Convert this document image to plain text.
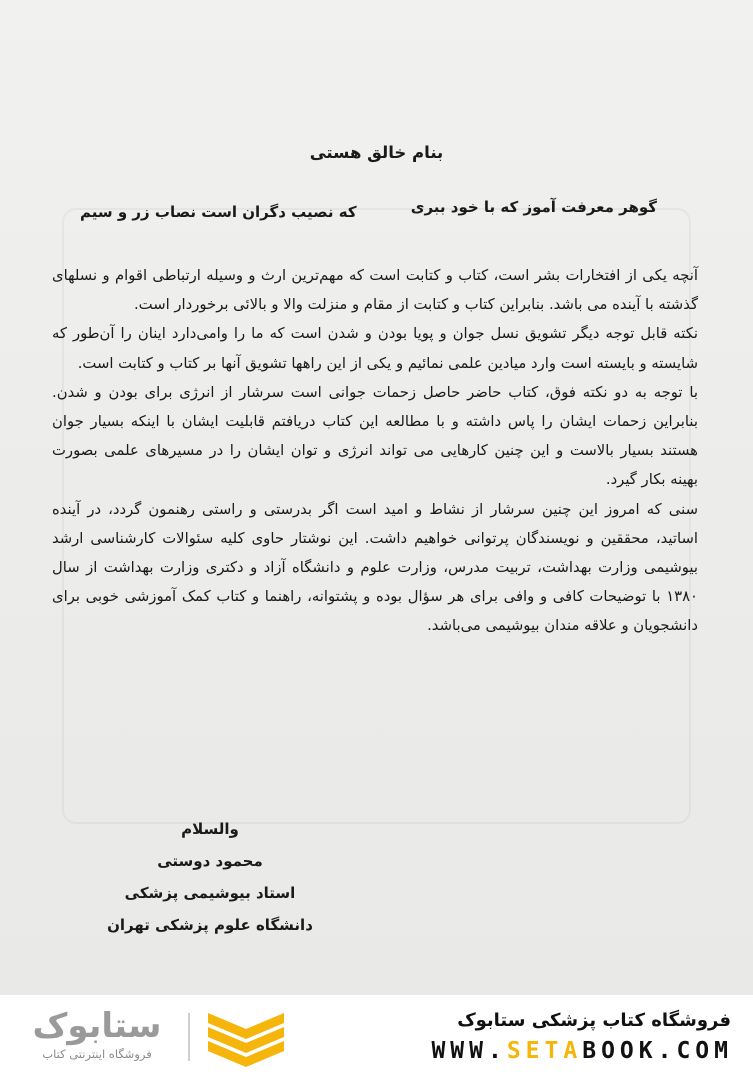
بنام خالق هستی
گوهر معرفت آموز که با خود ببری
که نصیب دگران است نصاب زر و سیم

آنچه یکی از افتخارات بشر است، کتاب و کتابت است که مهم‌ترین ارث و وسیله ارتباطی اقوام و نسلهای گذشته با آینده می باشد. بنابراین کتاب و کتابت از مقام و منزلت والا و بالائی برخوردار است.

نکته قابل توجه دیگر تشویق نسل جوان و پویا بودن و شدن است که ما را وامی‌دارد اینان را آن‌طور که شایسته و بایسته است وارد میادین علمی نمائیم و یکی از این راهها تشویق آنها بر کتاب و کتابت است.

با توجه به دو نکته فوق، کتاب حاضر حاصل زحمات جوانی است سرشار از انرژی برای بودن و شدن. بنابراین زحمات ایشان را پاس داشته و با مطالعه این کتاب دریافتم قابلیت ایشان با اینکه بسیار جوان هستند بسیار بالاست و این چنین کارهایی می تواند انرژی و توان ایشان را در مسیرهای علمی بصورت بهینه بکار گیرد.

سنی که امروز این چنین سرشار از نشاط و امید است اگر بدرستی و راستی رهنمون گردد، در آینده اساتید، محققین و نویسندگان پرتوانی خواهیم داشت. این نوشتار حاوی کلیه سئوالات کارشناسی ارشد بیوشیمی وزارت بهداشت، تربیت مدرس، وزارت علوم و دانشگاه آزاد و دکتری وزارت بهداشت از سال ۱۳۸۰ با توضیحات کافی و وافی برای هر سؤال بوده و پشتوانه، راهنما و کتاب کمک آموزشی خوبی برای دانشجویان و علاقه مندان بیوشیمی می‌باشد.

والسلام
محمود دوستی
استاد بیوشیمی پزشکی
دانشگاه علوم پزشکی تهران
ستابوک
فروشگاه اینترنتی کتاب
فروشگاه کتاب پزشکی ستابوک
WWW.SETABOOK.COM
